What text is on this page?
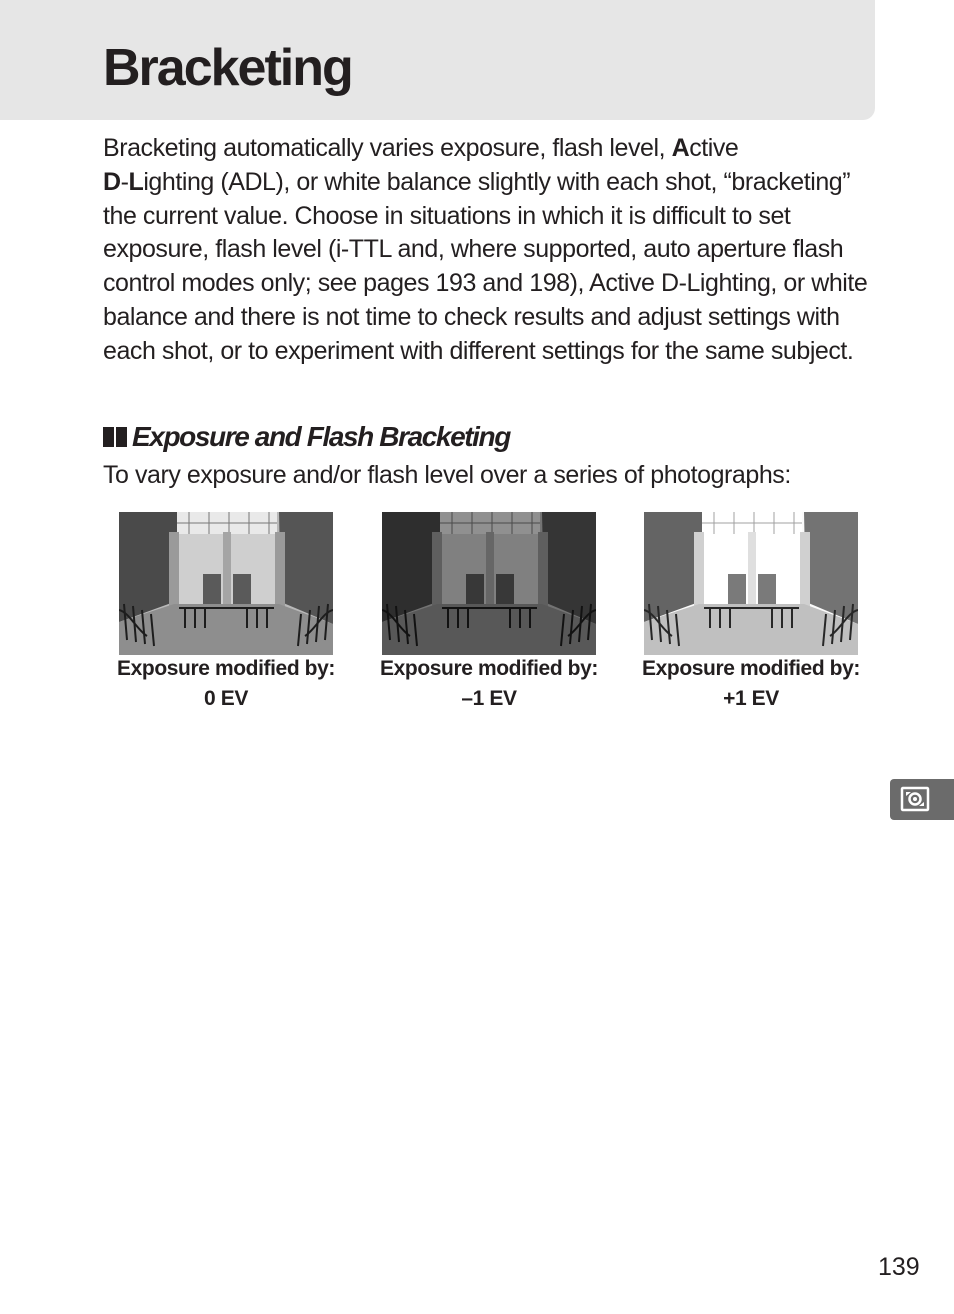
Bracketing

Bracketing automatically varies exposure, flash level, Active
D-Lighting (ADL), or white balance slightly with each shot, “bracketing” the current value. Choose in situations in which it is difficult to set exposure, flash level (i-TTL and, where supported, auto aperture flash control modes only; see pages 193 and 198), Active D-Lighting, or white balance and there is not time to check results and adjust settings with each shot, or to experiment with different settings for the same subject.

Exposure and Flash Bracketing

To vary exposure and/or flash level over a series of photographs:

Exposure modified by:
0 EV
Exposure modified by:
–1 EV
Exposure modified by:
+1 EV
139
